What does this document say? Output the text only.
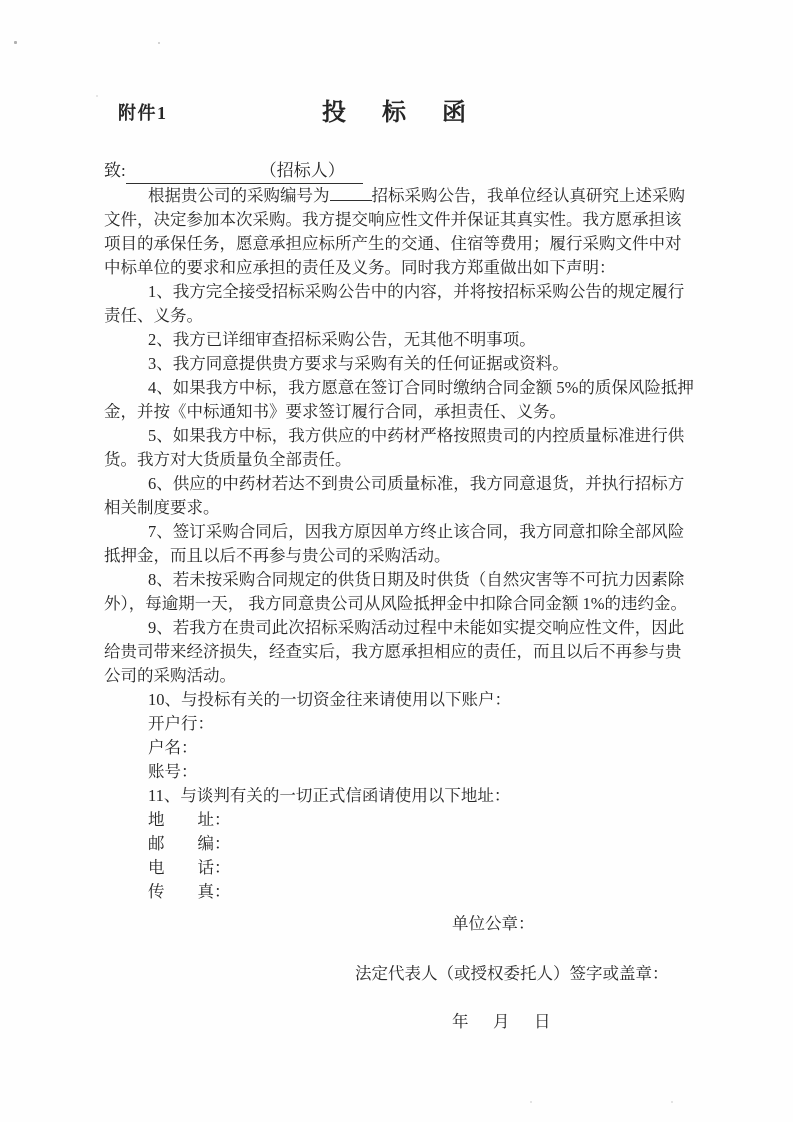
附件1	投　标　函
致:	（招标人）
根据贵公司的采购编号为	招标采购公告，我单位经认真研究上述采购
文件，决定参加本次采购。我方提交响应性文件并保证其真实性。我方愿承担该
项目的承保任务，愿意承担应标所产生的交通、住宿等费用；履行采购文件中对
中标单位的要求和应承担的责任及义务。同时我方郑重做出如下声明：
1、我方完全接受招标采购公告中的内容，并将按招标采购公告的规定履行
责任、义务。
2、我方已详细审查招标采购公告，无其他不明事项。
3、我方同意提供贵方要求与采购有关的任何证据或资料。
4、如果我方中标，我方愿意在签订合同时缴纳合同金额 5%的质保风险抵押
金，并按《中标通知书》要求签订履行合同，承担责任、义务。
5、如果我方中标，我方供应的中药材严格按照贵司的内控质量标准进行供
货。我方对大货质量负全部责任。
6、供应的中药材若达不到贵公司质量标准，我方同意退货，并执行招标方
相关制度要求。
7、签订采购合同后，因我方原因单方终止该合同，我方同意扣除全部风险
抵押金，而且以后不再参与贵公司的采购活动。
8、若未按采购合同规定的供货日期及时供货（自然灾害等不可抗力因素除
外），每逾期一天， 我方同意贵公司从风险抵押金中扣除合同金额 1%的违约金。
9、若我方在贵司此次招标采购活动过程中未能如实提交响应性文件，因此
给贵司带来经济损失，经查实后，我方愿承担相应的责任，而且以后不再参与贵
公司的采购活动。
10、与投标有关的一切资金往来请使用以下账户：
开户行：
户名：
账号：
11、与谈判有关的一切正式信函请使用以下地址：
地　　址：
邮　　编：
电　　话：
传　　真：
单位公章：
法定代表人（或授权委托人）签字或盖章：
年　月　日
